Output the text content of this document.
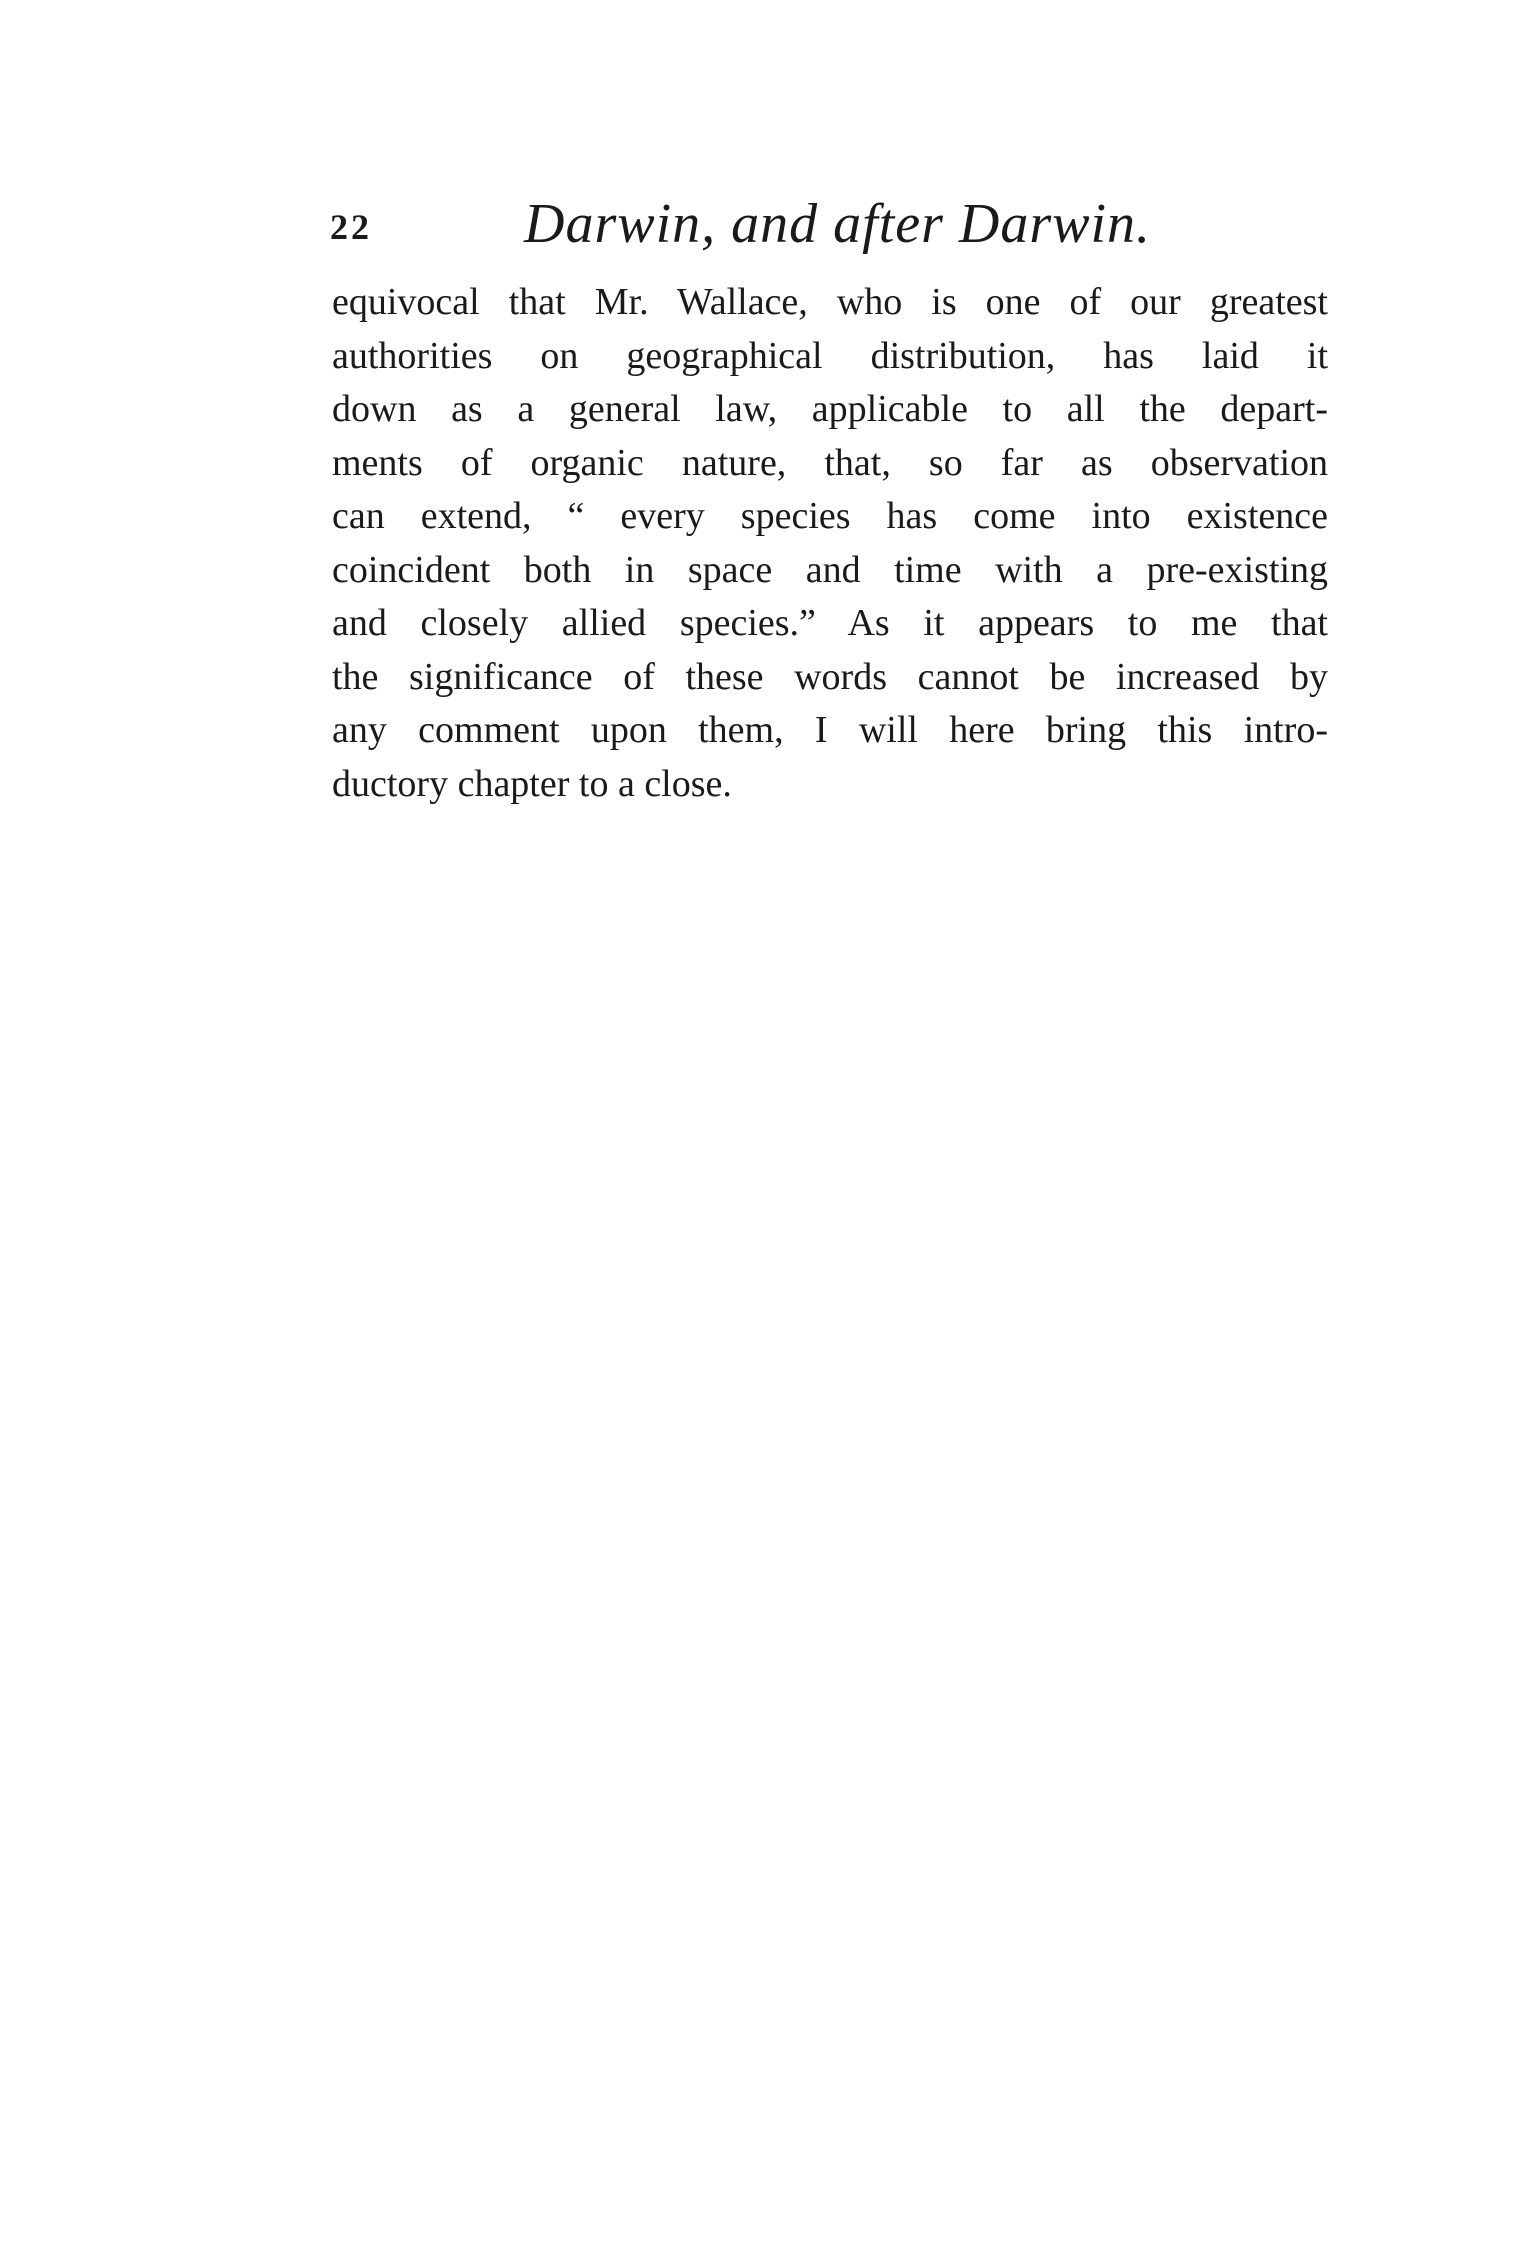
22	Darwin, and after Darwin.
equivocal that Mr. Wallace, who is one of our greatest
authorities on geographical distribution, has laid it
down as a general law, applicable to all the depart-
ments of organic nature, that, so far as observation
can extend, “ every species has come into existence
coincident both in space and time with a pre-existing
and closely allied species.” As it appears to me that
the significance of these words cannot be increased by
any comment upon them, I will here bring this intro-
ductory chapter to a close.
